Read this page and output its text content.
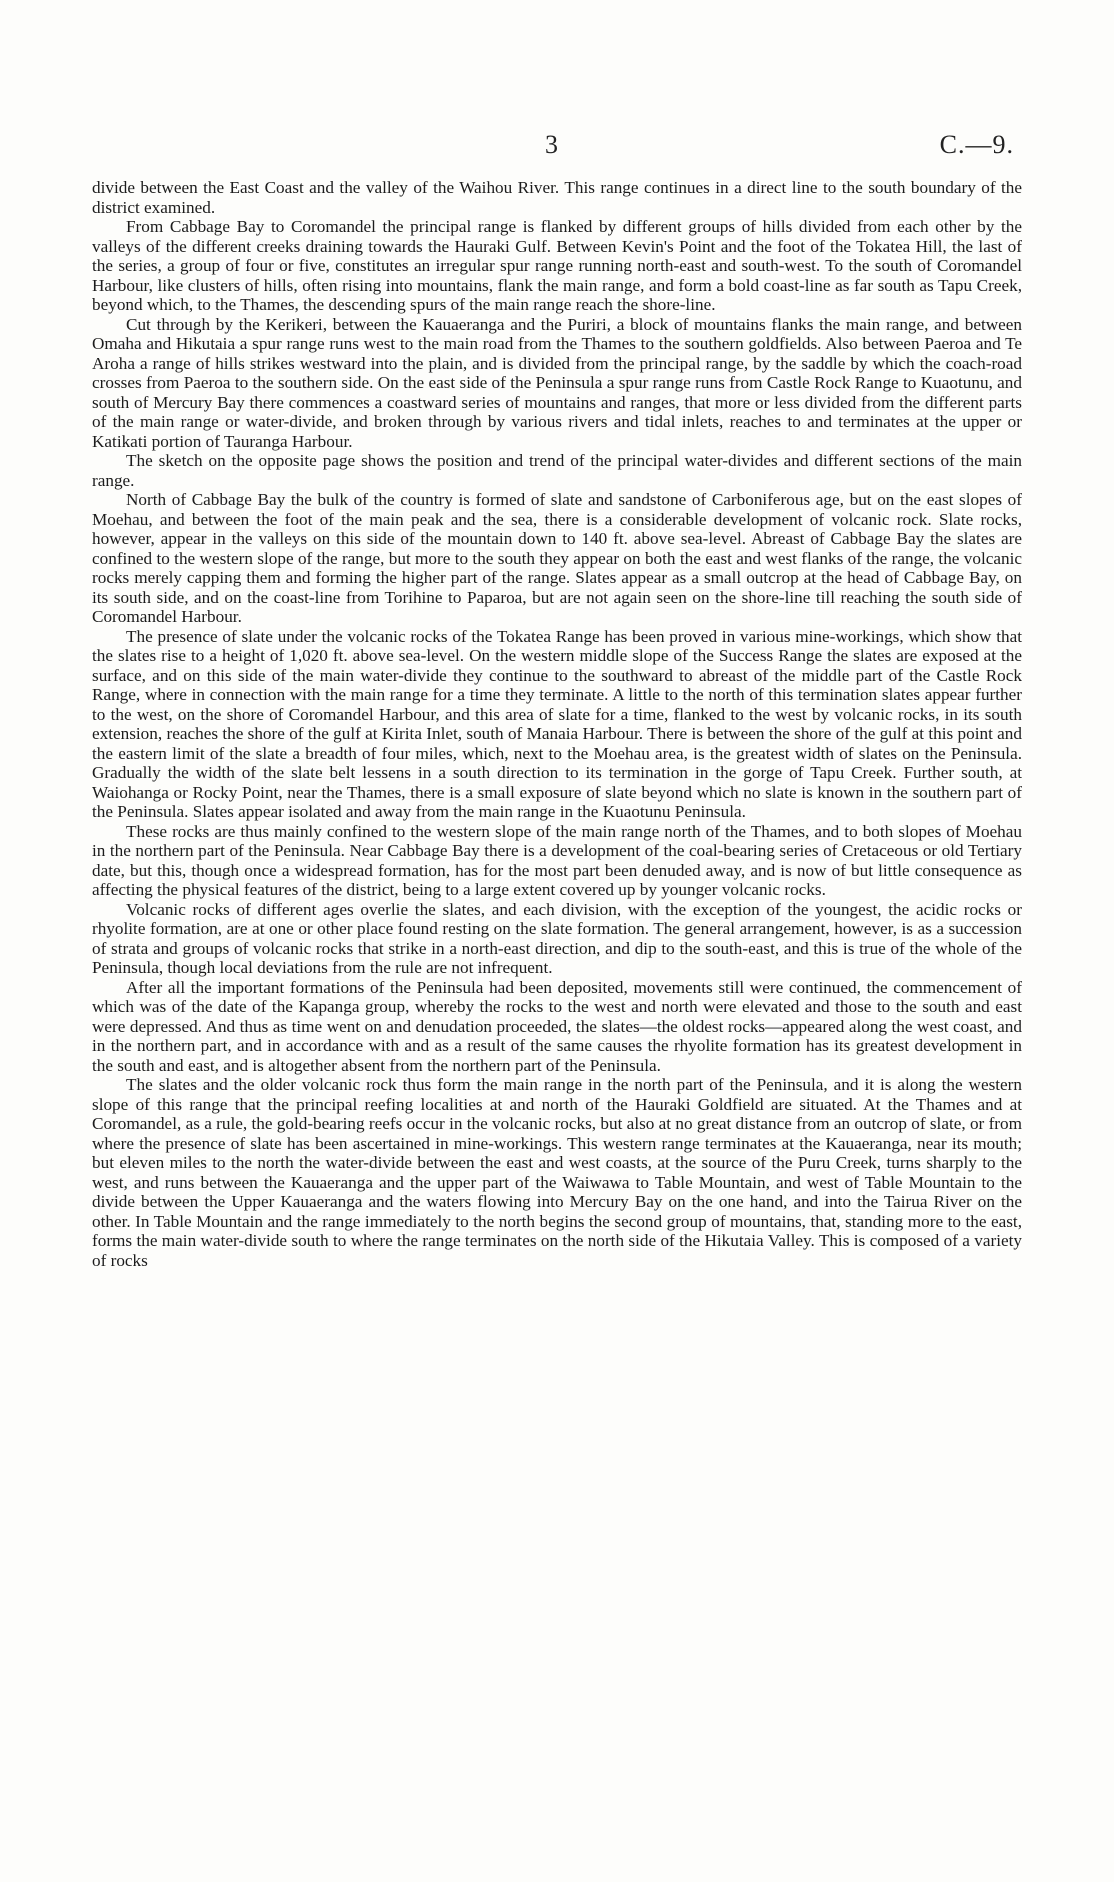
3	C.—9.

divide between the East Coast and the valley of the Waihou River. This range continues in a direct line to the south boundary of the district examined.

From Cabbage Bay to Coromandel the principal range is flanked by different groups of hills divided from each other by the valleys of the different creeks draining towards the Hauraki Gulf. Between Kevin's Point and the foot of the Tokatea Hill, the last of the series, a group of four or five, constitutes an irregular spur range running north-east and south-west. To the south of Coromandel Harbour, like clusters of hills, often rising into mountains, flank the main range, and form a bold coast-line as far south as Tapu Creek, beyond which, to the Thames, the descending spurs of the main range reach the shore-line.

Cut through by the Kerikeri, between the Kauaeranga and the Puriri, a block of mountains flanks the main range, and between Omaha and Hikutaia a spur range runs west to the main road from the Thames to the southern goldfields. Also between Paeroa and Te Aroha a range of hills strikes westward into the plain, and is divided from the principal range, by the saddle by which the coach-road crosses from Paeroa to the southern side. On the east side of the Peninsula a spur range runs from Castle Rock Range to Kuaotunu, and south of Mercury Bay there commences a coastward series of mountains and ranges, that more or less divided from the different parts of the main range or water-divide, and broken through by various rivers and tidal inlets, reaches to and terminates at the upper or Katikati portion of Tauranga Harbour.

The sketch on the opposite page shows the position and trend of the principal water-divides and different sections of the main range.

North of Cabbage Bay the bulk of the country is formed of slate and sandstone of Carboniferous age, but on the east slopes of Moehau, and between the foot of the main peak and the sea, there is a considerable development of volcanic rock. Slate rocks, however, appear in the valleys on this side of the mountain down to 140 ft. above sea-level. Abreast of Cabbage Bay the slates are confined to the western slope of the range, but more to the south they appear on both the east and west flanks of the range, the volcanic rocks merely capping them and forming the higher part of the range. Slates appear as a small outcrop at the head of Cabbage Bay, on its south side, and on the coast-line from Torihine to Paparoa, but are not again seen on the shore-line till reaching the south side of Coromandel Harbour.

The presence of slate under the volcanic rocks of the Tokatea Range has been proved in various mine-workings, which show that the slates rise to a height of 1,020 ft. above sea-level. On the western middle slope of the Success Range the slates are exposed at the surface, and on this side of the main water-divide they continue to the southward to abreast of the middle part of the Castle Rock Range, where in connection with the main range for a time they terminate. A little to the north of this termination slates appear further to the west, on the shore of Coromandel Harbour, and this area of slate for a time, flanked to the west by volcanic rocks, in its south extension, reaches the shore of the gulf at Kirita Inlet, south of Manaia Harbour. There is between the shore of the gulf at this point and the eastern limit of the slate a breadth of four miles, which, next to the Moehau area, is the greatest width of slates on the Peninsula. Gradually the width of the slate belt lessens in a south direction to its termination in the gorge of Tapu Creek. Further south, at Waiohanga or Rocky Point, near the Thames, there is a small exposure of slate beyond which no slate is known in the southern part of the Peninsula. Slates appear isolated and away from the main range in the Kuaotunu Peninsula.

These rocks are thus mainly confined to the western slope of the main range north of the Thames, and to both slopes of Moehau in the northern part of the Peninsula. Near Cabbage Bay there is a development of the coal-bearing series of Cretaceous or old Tertiary date, but this, though once a widespread formation, has for the most part been denuded away, and is now of but little consequence as affecting the physical features of the district, being to a large extent covered up by younger volcanic rocks.

Volcanic rocks of different ages overlie the slates, and each division, with the exception of the youngest, the acidic rocks or rhyolite formation, are at one or other place found resting on the slate formation. The general arrangement, however, is as a succession of strata and groups of volcanic rocks that strike in a north-east direction, and dip to the south-east, and this is true of the whole of the Peninsula, though local deviations from the rule are not infrequent.

After all the important formations of the Peninsula had been deposited, movements still were continued, the commencement of which was of the date of the Kapanga group, whereby the rocks to the west and north were elevated and those to the south and east were depressed. And thus as time went on and denudation proceeded, the slates—the oldest rocks—appeared along the west coast, and in the northern part, and in accordance with and as a result of the same causes the rhyolite formation has its greatest development in the south and east, and is altogether absent from the northern part of the Peninsula.

The slates and the older volcanic rock thus form the main range in the north part of the Peninsula, and it is along the western slope of this range that the principal reefing localities at and north of the Hauraki Goldfield are situated. At the Thames and at Coromandel, as a rule, the gold-bearing reefs occur in the volcanic rocks, but also at no great distance from an outcrop of slate, or from where the presence of slate has been ascertained in mine-workings. This western range terminates at the Kauaeranga, near its mouth; but eleven miles to the north the water-divide between the east and west coasts, at the source of the Puru Creek, turns sharply to the west, and runs between the Kauaeranga and the upper part of the Waiwawa to Table Mountain, and west of Table Mountain to the divide between the Upper Kauaeranga and the waters flowing into Mercury Bay on the one hand, and into the Tairua River on the other. In Table Mountain and the range immediately to the north begins the second group of mountains, that, standing more to the east, forms the main water-divide south to where the range terminates on the north side of the Hikutaia Valley. This is composed of a variety of rocks
